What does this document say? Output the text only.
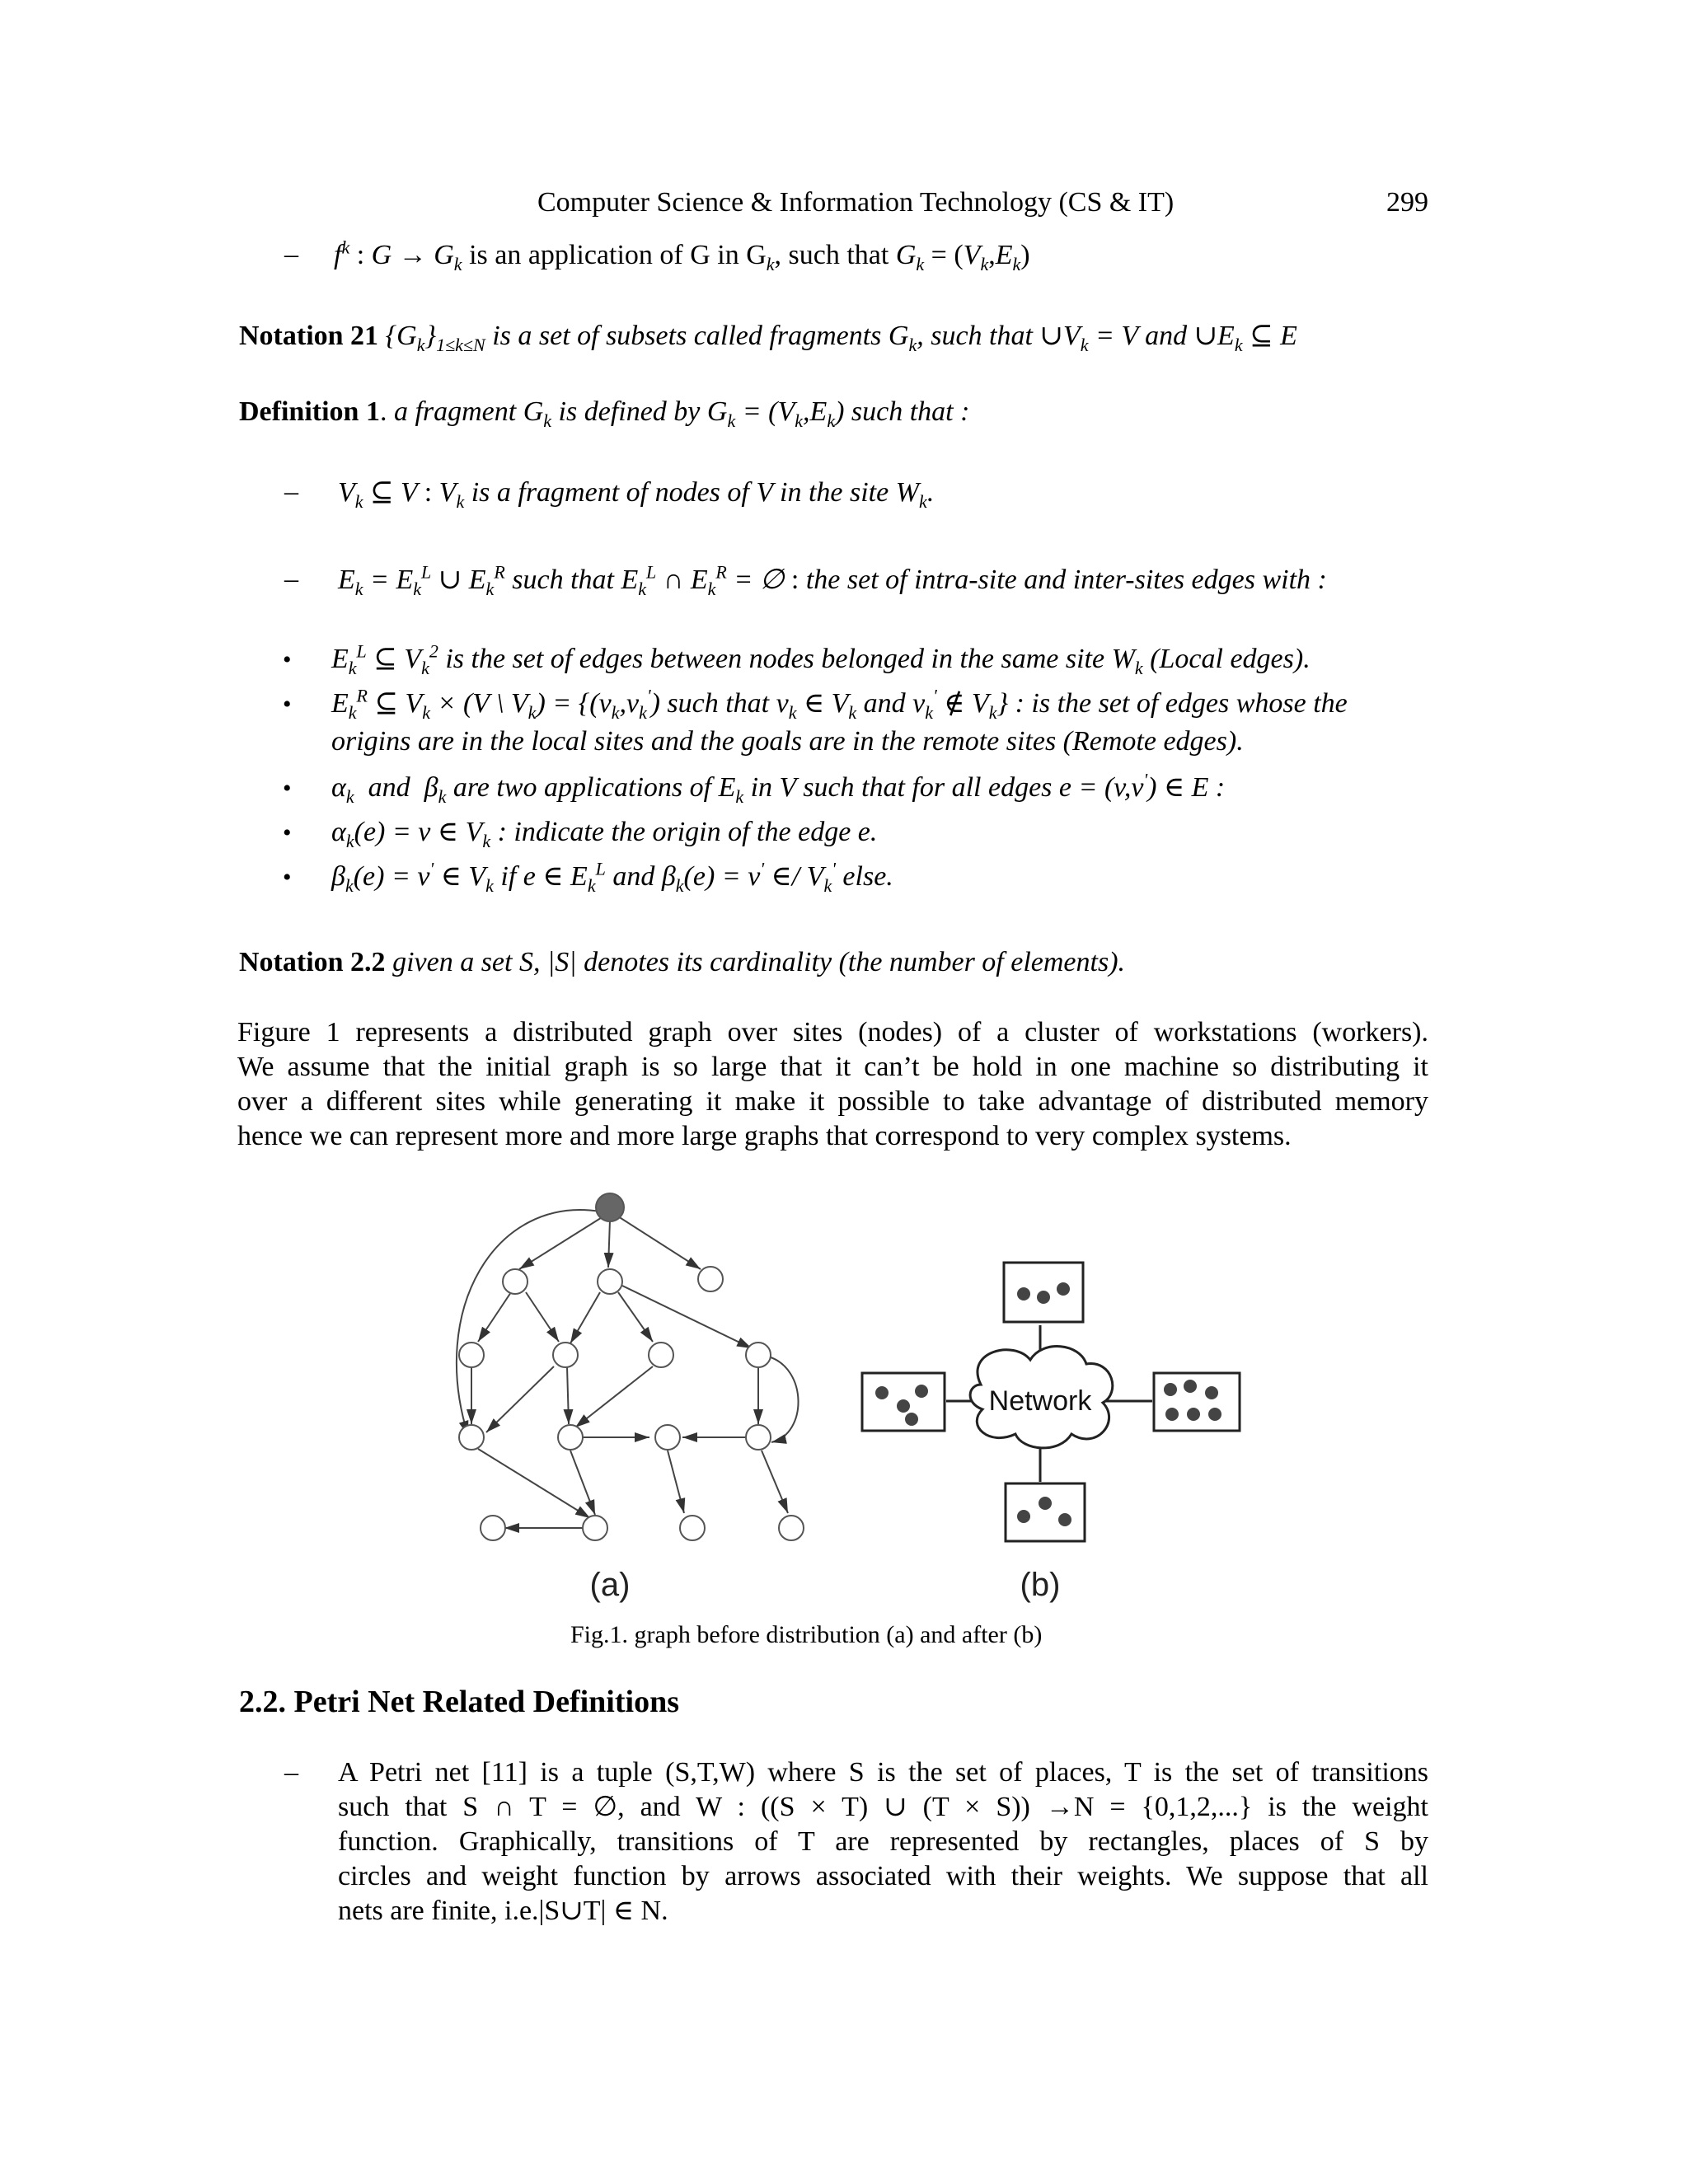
Computer Science & Information Technology (CS & IT)	299
– $f^k$ : $G \to G_k$ is an application of G in $G_k$, such that $G_k = (V_k,E_k)$
Notation 21 $\{G_k\}_{1\le k\le N}$ is a set of subsets called fragments $G_k$, such that $\cup V_k = V$ and $\cup E_k$ ⊆ E
Definition 1. a fragment $G_k$ is defined by $G_k = (V_k,E_k)$ such that :
– $V_k$ ⊆ V : $V_k$ is a fragment of nodes of V in the site $W_k$.
– $E_k = E_k^L$ ∪ $E_k^R$ such that $E_k^L$ ∩ $E_k^R$ = ∅ : the set of intra-site and inter-sites edges with :
• $E_k^L$ ⊆ $V_k^2$ is the set of edges between nodes belonged in the same site $W_k$ (Local edges).
• $E_k^R$ ⊆ $V_k \times (V$ \ $V_k) = \{(v_k,v_k')$ such that $v_k$ ∈ $V_k$ and $v_k'$ ∉ $V_k$} : is the set of edges whose the
origins are in the local sites and the goals are in the remote sites (Remote edges).
• $\alpha_k$  and  $\beta_k$ are two applications of $E_k$ in V such that for all edges e = (v,v') ∈ E :
• $\alpha_k(e) = v$ ∈ $V_k$ : indicate the origin of the edge e.
• $\beta_k(e) = v'$ ∈ $V_k$ if e ∈ $E_k^L$ and $\beta_k(e) = v'$ ∈/ $V_k'$ else.
Notation 2.2 given a set S, |S| denotes its cardinality (the number of elements).
Figure 1 represents a distributed graph over sites (nodes) of a cluster of workstations (workers).
We assume that the initial graph is so large that it can’t be hold in one machine so distributing it
over a different sites while generating it make it possible to take advantage of distributed memory
hence we can represent more and more large graphs that correspond to very complex systems.
(a)
Network
(b)
Fig.1. graph before distribution (a) and after (b)
2.2. Petri Net Related Definitions
– A Petri net [11] is a tuple (S,T,W) where S is the set of places, T is the set of transitions
such that S ∩ T = ∅, and W : ((S × T) ∪ (T × S)) →N = {0,1,2,...} is the weight
function. Graphically, transitions of T are represented by rectangles, places of S by
circles and weight function by arrows associated with their weights. We suppose that all
nets are finite, i.e.|S∪T| ∈ N.
